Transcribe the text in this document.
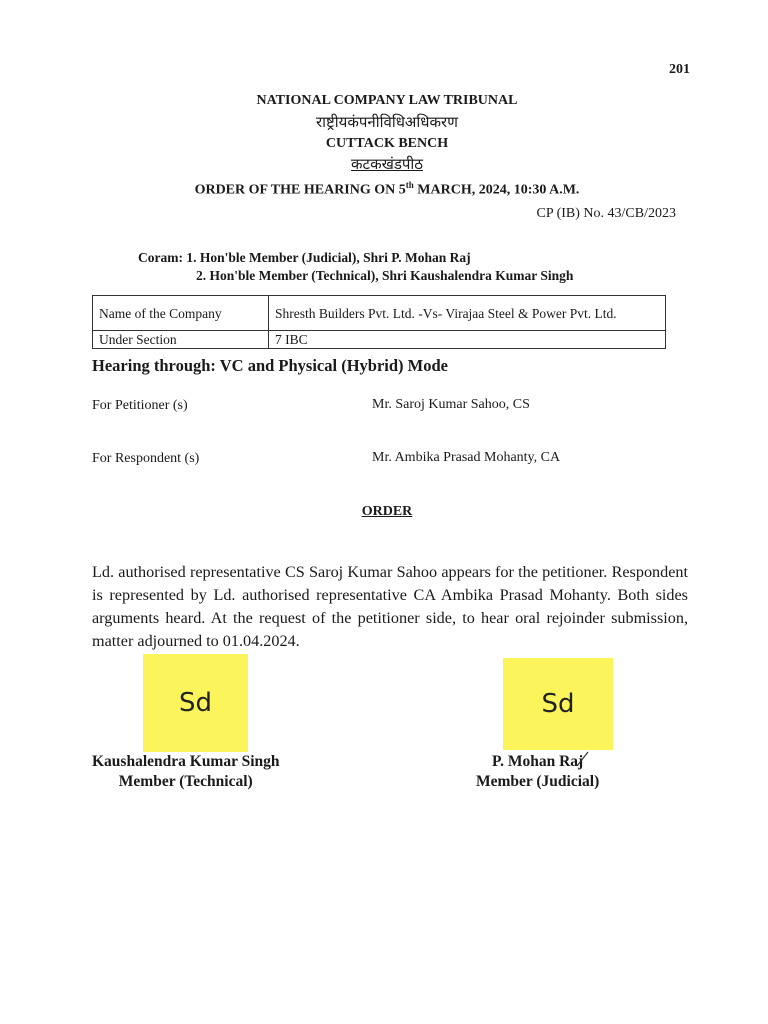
201
NATIONAL COMPANY LAW TRIBUNAL
राष्ट्रीयकंपनीविधिअधिकरण
CUTTACK BENCH
कटकखंडपीठ
ORDER OF THE HEARING ON 5th MARCH, 2024, 10:30 A.M.
CP (IB) No. 43/CB/2023
Coram: 1. Hon'ble Member (Judicial), Shri P. Mohan Raj
2. Hon'ble Member (Technical), Shri Kaushalendra Kumar Singh
Name of the Company	Shresth Builders Pvt. Ltd. -Vs- Virajaa Steel & Power Pvt. Ltd.
Under Section	7 IBC
Hearing through: VC and Physical (Hybrid) Mode
For Petitioner (s)	Mr. Saroj Kumar Sahoo, CS
For Respondent (s)	Mr. Ambika Prasad Mohanty, CA
ORDER
Ld. authorised representative CS Saroj Kumar Sahoo appears for the petitioner. Respondent is represented by Ld. authorised representative CA Ambika Prasad Mohanty. Both sides arguments heard. At the request of the petitioner side, to hear oral rejoinder submission, matter adjourned to 01.04.2024.
Sd	Sd
Kaushalendra Kumar Singh
Member (Technical)
P. Mohan Raj
Member (Judicial)
